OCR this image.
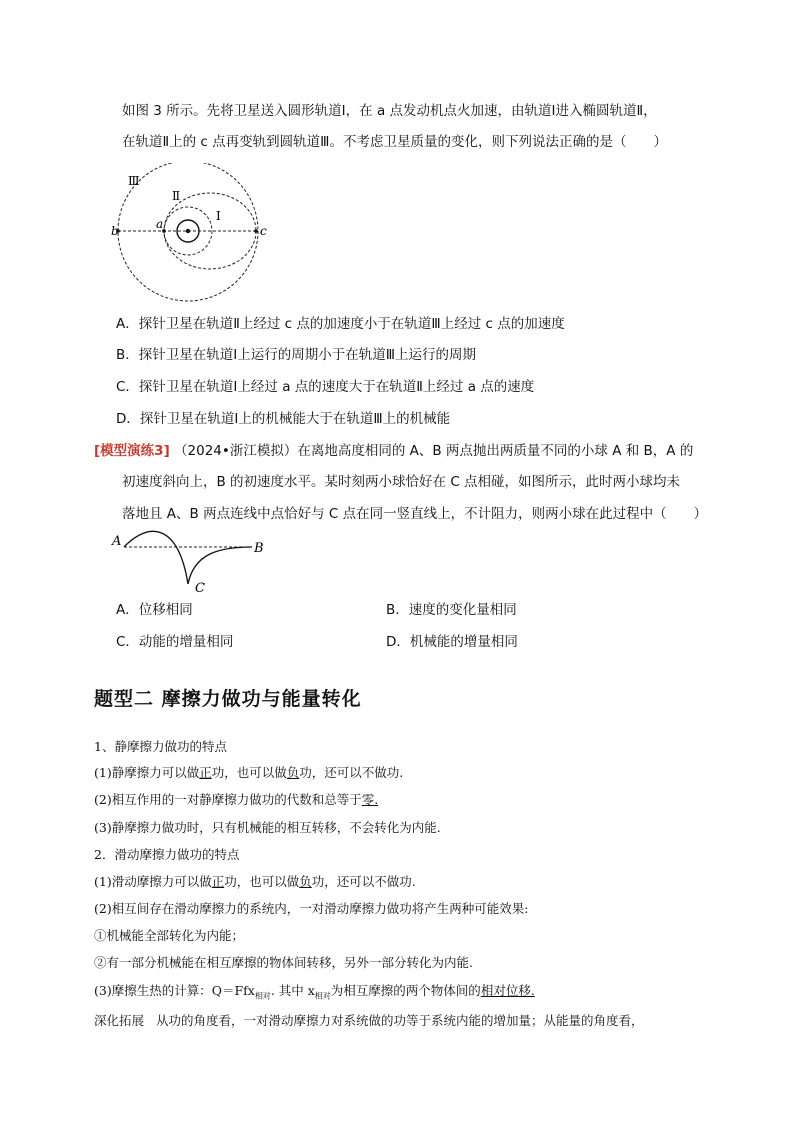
如图 3 所示。先将卫星送入圆形轨道Ⅰ，在 a 点发动机点火加速，由轨道Ⅰ进入椭圆轨道Ⅱ，
在轨道Ⅱ上的 c 点再变轨到圆轨道Ⅲ。不考虑卫星质量的变化，则下列说法正确的是（　　）
Ⅲ
Ⅱ
Ⅰ
b	a	c
A．探针卫星在轨道Ⅱ上经过 c 点的加速度小于在轨道Ⅲ上经过 c 点的加速度
B．探针卫星在轨道Ⅰ上运行的周期小于在轨道Ⅲ上运行的周期
C．探针卫星在轨道Ⅰ上经过 a 点的速度大于在轨道Ⅱ上经过 a 点的速度
D．探针卫星在轨道Ⅰ上的机械能大于在轨道Ⅲ上的机械能
[模型演练3] （2024•浙江模拟）在离地高度相同的 A、B 两点抛出两质量不同的小球 A 和 B，A 的
初速度斜向上，B 的初速度水平。某时刻两小球恰好在 C 点相碰，如图所示，此时两小球均未
落地且 A、B 两点连线中点恰好与 C 点在同一竖直线上，不计阻力，则两小球在此过程中（　　）
A	B
C
A．位移相同	B．速度的变化量相同
C．动能的增量相同	D．机械能的增量相同
题型二 摩擦力做功与能量转化
1、静摩擦力做功的特点
(1)静摩擦力可以做正功，也可以做负功，还可以不做功.
(2)相互作用的一对静摩擦力做功的代数和总等于零.
(3)静摩擦力做功时，只有机械能的相互转移，不会转化为内能.
2．滑动摩擦力做功的特点
(1)滑动摩擦力可以做正功，也可以做负功，还可以不做功.
(2)相互间存在滑动摩擦力的系统内，一对滑动摩擦力做功将产生两种可能效果:
①机械能全部转化为内能；
②有一部分机械能在相互摩擦的物体间转移，另外一部分转化为内能.
(3)摩擦生热的计算：Q＝Ffx$_{相对}$. 其中 $x_{相对}$为相互摩擦的两个物体间的相对位移.
深化拓展 从功的角度看，一对滑动摩擦力对系统做的功等于系统内能的增加量；从能量的角度看，
